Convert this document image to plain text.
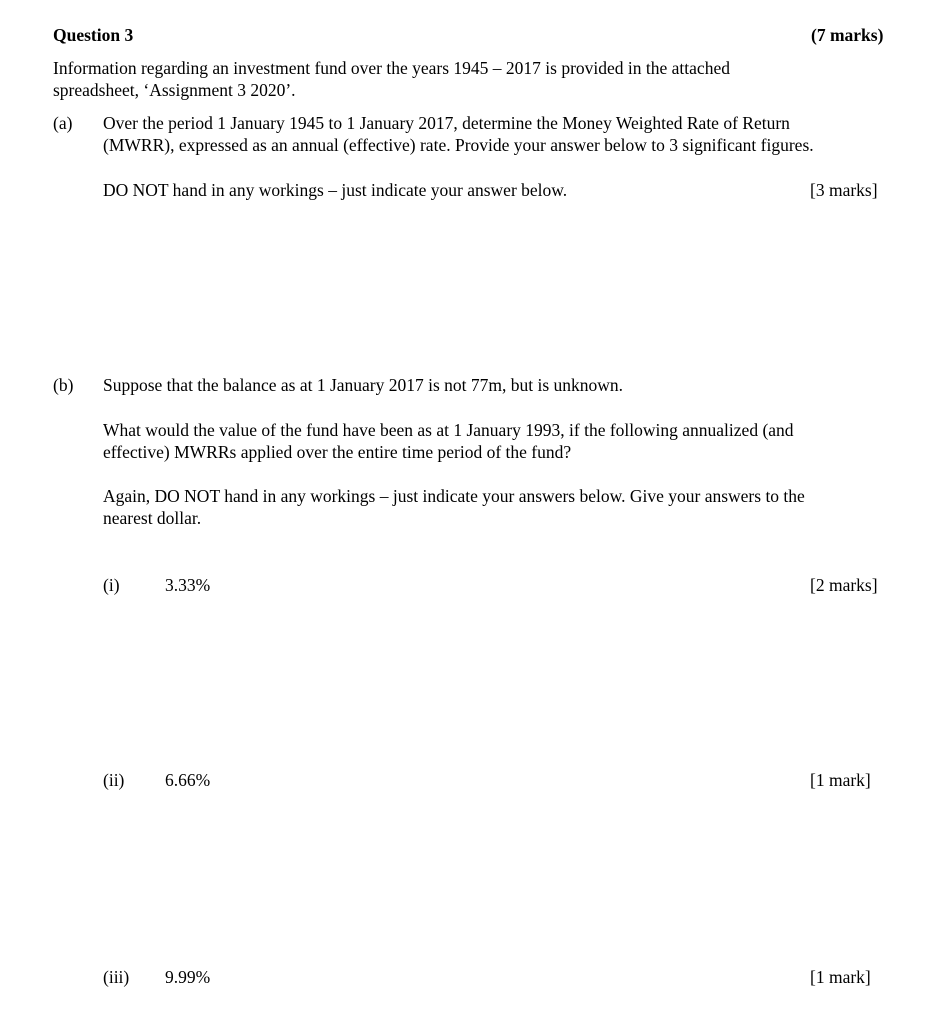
Question 3	(7 marks)
Information regarding an investment fund over the years 1945 – 2017 is provided in the attached
spreadsheet, ‘Assignment 3 2020’.
(a) Over the period 1 January 1945 to 1 January 2017, determine the Money Weighted Rate of Return
(MWRR), expressed as an annual (effective) rate. Provide your answer below to 3 significant figures.
DO NOT hand in any workings – just indicate your answer below.	[3 marks]
(b) Suppose that the balance as at 1 January 2017 is not 77m, but is unknown.
What would the value of the fund have been as at 1 January 1993, if the following annualized (and
effective) MWRRs applied over the entire time period of the fund?
Again, DO NOT hand in any workings – just indicate your answers below. Give your answers to the
nearest dollar.
(i)	3.33%	[2 marks]
(ii) 6.66%	[1 mark]
(iii) 9.99%	[1 mark]
